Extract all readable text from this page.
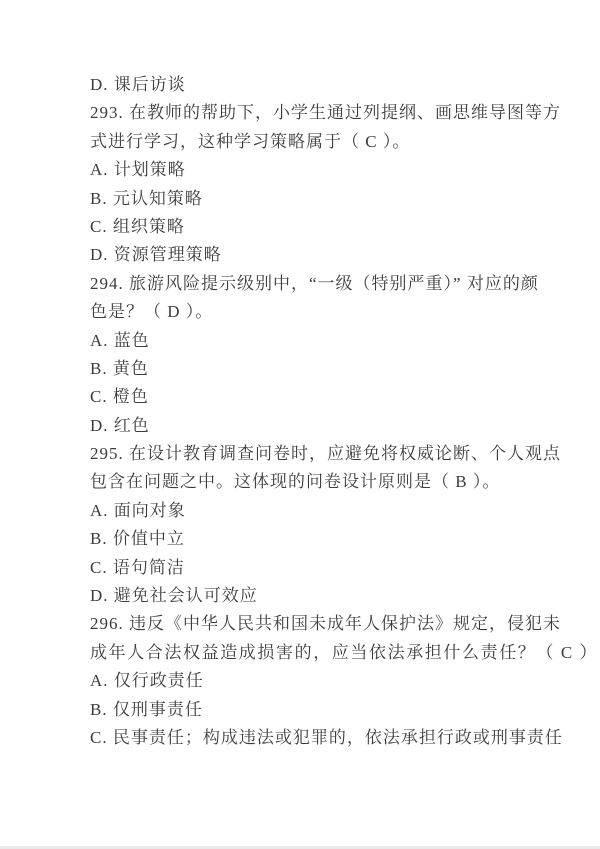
D. 课后访谈
293. 在教师的帮助下，小学生通过列提纲、画思维导图等方
式进行学习，这种学习策略属于（ C ）。
A. 计划策略
B. 元认知策略
C. 组织策略
D. 资源管理策略
294. 旅游风险提示级别中，“一级（特别严重）” 对应的颜
色是？（ D ）。
A. 蓝色
B. 黄色
C. 橙色
D. 红色
295. 在设计教育调查问卷时，应避免将权威论断、个人观点
包含在问题之中。这体现的问卷设计原则是（ B ）。
A. 面向对象
B. 价值中立
C. 语句简洁
D. 避免社会认可效应
296. 违反《中华人民共和国未成年人保护法》规定，侵犯未
成年人合法权益造成损害的，应当依法承担什么责任？（ C ）
A. 仅行政责任
B. 仅刑事责任
C. 民事责任；构成违法或犯罪的，依法承担行政或刑事责任
